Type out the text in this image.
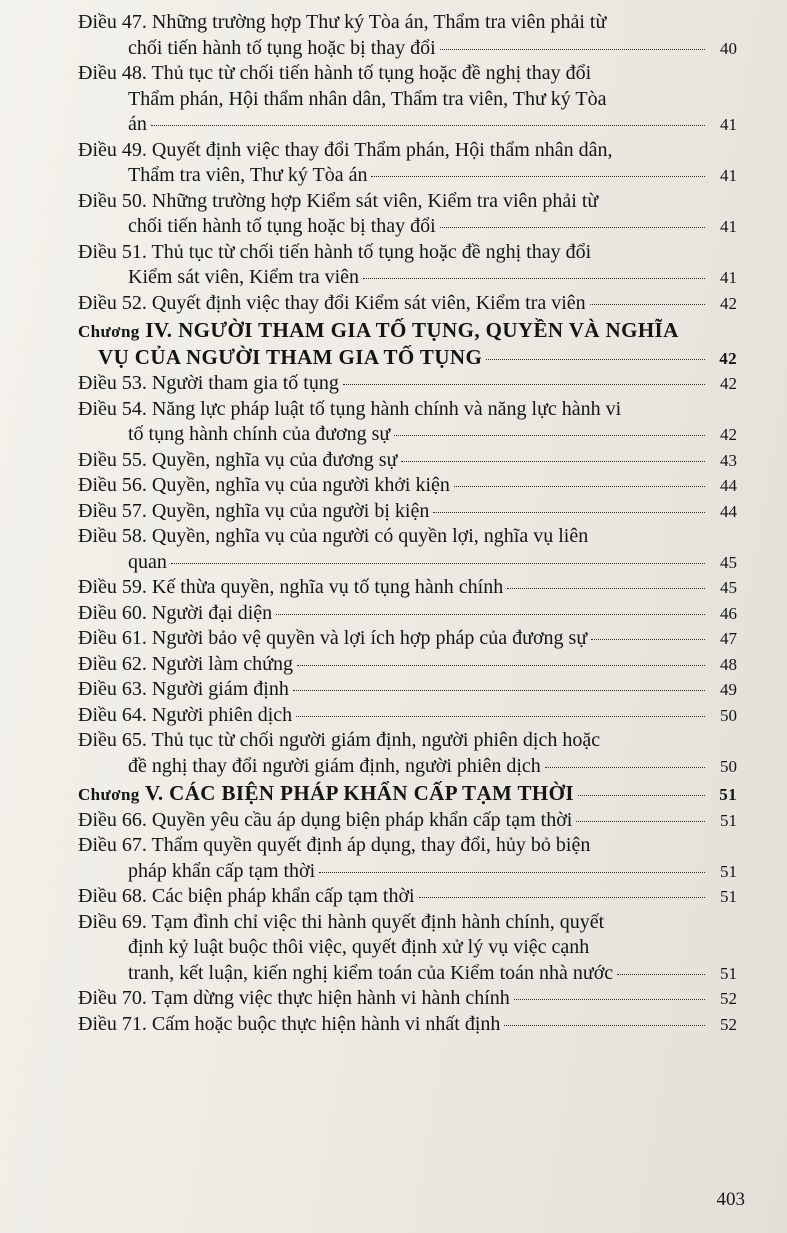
Điều 47. Những trường hợp Thư ký Tòa án, Thẩm tra viên phải từ
chối tiến hành tố tụng hoặc bị thay đổi	40
Điều 48. Thủ tục từ chối tiến hành tố tụng hoặc đề nghị thay đổi
Thẩm phán, Hội thẩm nhân dân, Thẩm tra viên, Thư ký Tòa
án	41
Điều 49. Quyết định việc thay đổi Thẩm phán, Hội thẩm nhân dân,
Thẩm tra viên, Thư ký Tòa án	41
Điều 50. Những trường hợp Kiểm sát viên, Kiểm tra viên phải từ
chối tiến hành tố tụng hoặc bị thay đổi	41
Điều 51. Thủ tục từ chối tiến hành tố tụng hoặc đề nghị thay đổi
Kiểm sát viên, Kiểm tra viên	41
Điều 52. Quyết định việc thay đổi Kiểm sát viên, Kiểm tra viên	42
Chương IV. NGƯỜI THAM GIA TỐ TỤNG, QUYỀN VÀ NGHĨA
VỤ CỦA NGƯỜI THAM GIA TỐ TỤNG	42
Điều 53. Người tham gia tố tụng	42
Điều 54. Năng lực pháp luật tố tụng hành chính và năng lực hành vi
tố tụng hành chính của đương sự	42
Điều 55. Quyền, nghĩa vụ của đương sự	43
Điều 56. Quyền, nghĩa vụ của người khởi kiện	44
Điều 57. Quyền, nghĩa vụ của người bị kiện	44
Điều 58. Quyền, nghĩa vụ của người có quyền lợi, nghĩa vụ liên
quan	45
Điều 59. Kế thừa quyền, nghĩa vụ tố tụng hành chính	45
Điều 60. Người đại diện	46
Điều 61. Người bảo vệ quyền và lợi ích hợp pháp của đương sự	47
Điều 62. Người làm chứng	48
Điều 63. Người giám định	49
Điều 64. Người phiên dịch	50
Điều 65. Thủ tục từ chối người giám định, người phiên dịch hoặc
đề nghị thay đổi người giám định, người phiên dịch	50
Chương V. CÁC BIỆN PHÁP KHẨN CẤP TẠM THỜI	51
Điều 66. Quyền yêu cầu áp dụng biện pháp khẩn cấp tạm thời	51
Điều 67. Thẩm quyền quyết định áp dụng, thay đổi, hủy bỏ biện
pháp khẩn cấp tạm thời	51
Điều 68. Các biện pháp khẩn cấp tạm thời	51
Điều 69. Tạm đình chỉ việc thi hành quyết định hành chính, quyết
định kỷ luật buộc thôi việc, quyết định xử lý vụ việc cạnh
tranh, kết luận, kiến nghị kiểm toán của Kiểm toán nhà nước	51
Điều 70. Tạm dừng việc thực hiện hành vi hành chính	52
Điều 71. Cấm hoặc buộc thực hiện hành vi nhất định	52
403
